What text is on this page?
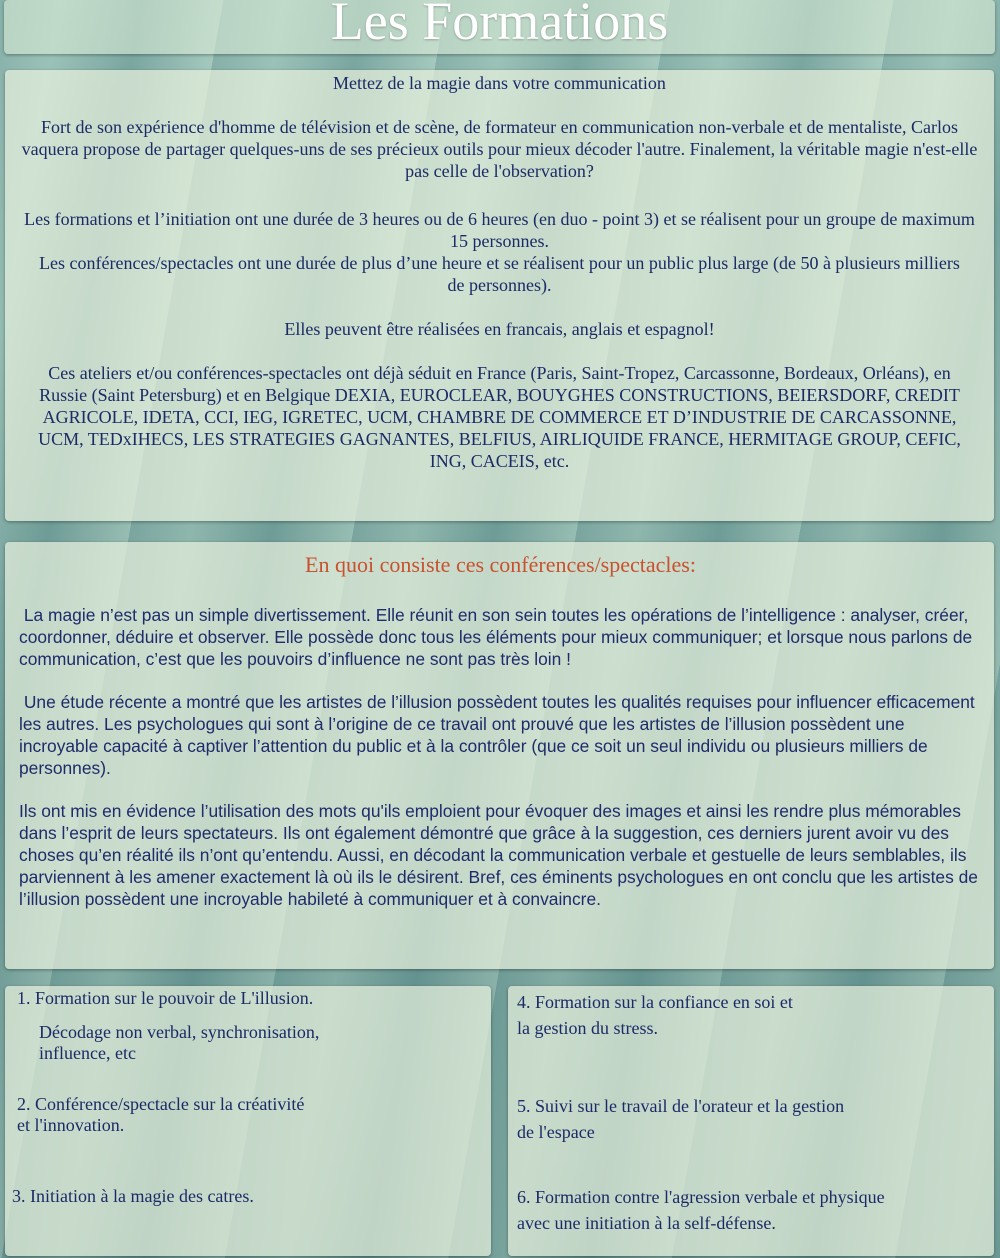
Les Formations

Mettez de la magie dans votre communication

Fort de son expérience d'homme de télévision et de scène, de formateur en communication non-verbale et de mentaliste, Carlos vaquera propose de partager quelques-uns de ses précieux outils pour mieux décoder l'autre. Finalement, la véritable magie n'est-elle pas celle de l'observation?

Les formations et l’initiation ont une durée de 3 heures ou de 6 heures (en duo - point 3) et se réalisent pour un groupe de maximum 15 personnes.

Les conférences/spectacles ont une durée de plus d’une heure et se réalisent pour un public plus large (de 50 à plusieurs milliers de personnes).

Elles peuvent être réalisées en francais, anglais et espagnol!

Ces ateliers et/ou conférences-spectacles ont déjà séduit en France (Paris, Saint-Tropez, Carcassonne, Bordeaux, Orléans), en Russie (Saint Petersburg) et en Belgique DEXIA, EUROCLEAR, BOUYGHES CONSTRUCTIONS, BEIERSDORF, CREDIT AGRICOLE, IDETA, CCI, IEG, IGRETEC, UCM, CHAMBRE DE COMMERCE ET D’INDUSTRIE DE CARCASSONNE, UCM, TEDxIHECS, LES STRATEGIES GAGNANTES, BELFIUS, AIRLIQUIDE FRANCE, HERMITAGE GROUP, CEFIC, ING, CACEIS, etc.

En quoi consiste ces conférences/spectacles:

La magie n’est pas un simple divertissement. Elle réunit en son sein toutes les opérations de l’intelligence : analyser, créer, coordonner, déduire et observer. Elle possède donc tous les éléments pour mieux communiquer; et lorsque nous parlons de communication, c’est que les pouvoirs d’influence ne sont pas très loin !

Une étude récente a montré que les artistes de l’illusion possèdent toutes les qualités requises pour influencer efficacement les autres. Les psychologues qui sont à l’origine de ce travail ont prouvé que les artistes de l’illusion possèdent une incroyable capacité à captiver l’attention du public et à la contrôler (que ce soit un seul individu ou plusieurs milliers de personnes).

Ils ont mis en évidence l’utilisation des mots qu'ils emploient pour évoquer des images et ainsi les rendre plus mémorables dans l’esprit de leurs spectateurs. Ils ont également démontré que grâce à la suggestion, ces derniers jurent avoir vu des choses qu’en réalité ils n’ont qu’entendu. Aussi, en décodant la communication verbale et gestuelle de leurs semblables, ils parviennent à les amener exactement là où ils le désirent. Bref, ces éminents psychologues en ont conclu que les artistes de l’illusion possèdent une incroyable habileté à communiquer et à convaincre.

1. Formation sur le pouvoir de L'illusion.
Décodage non verbal, synchronisation,
influence, etc
2. Conférence/spectacle sur la créativité
et l'innovation.
3. Initiation à la magie des catres.
4. Formation sur la confiance en soi et
la gestion du stress.
5. Suivi sur le travail de l'orateur et la gestion
de l'espace
6. Formation contre l'agression verbale et physique
avec une initiation à la self-défense.
